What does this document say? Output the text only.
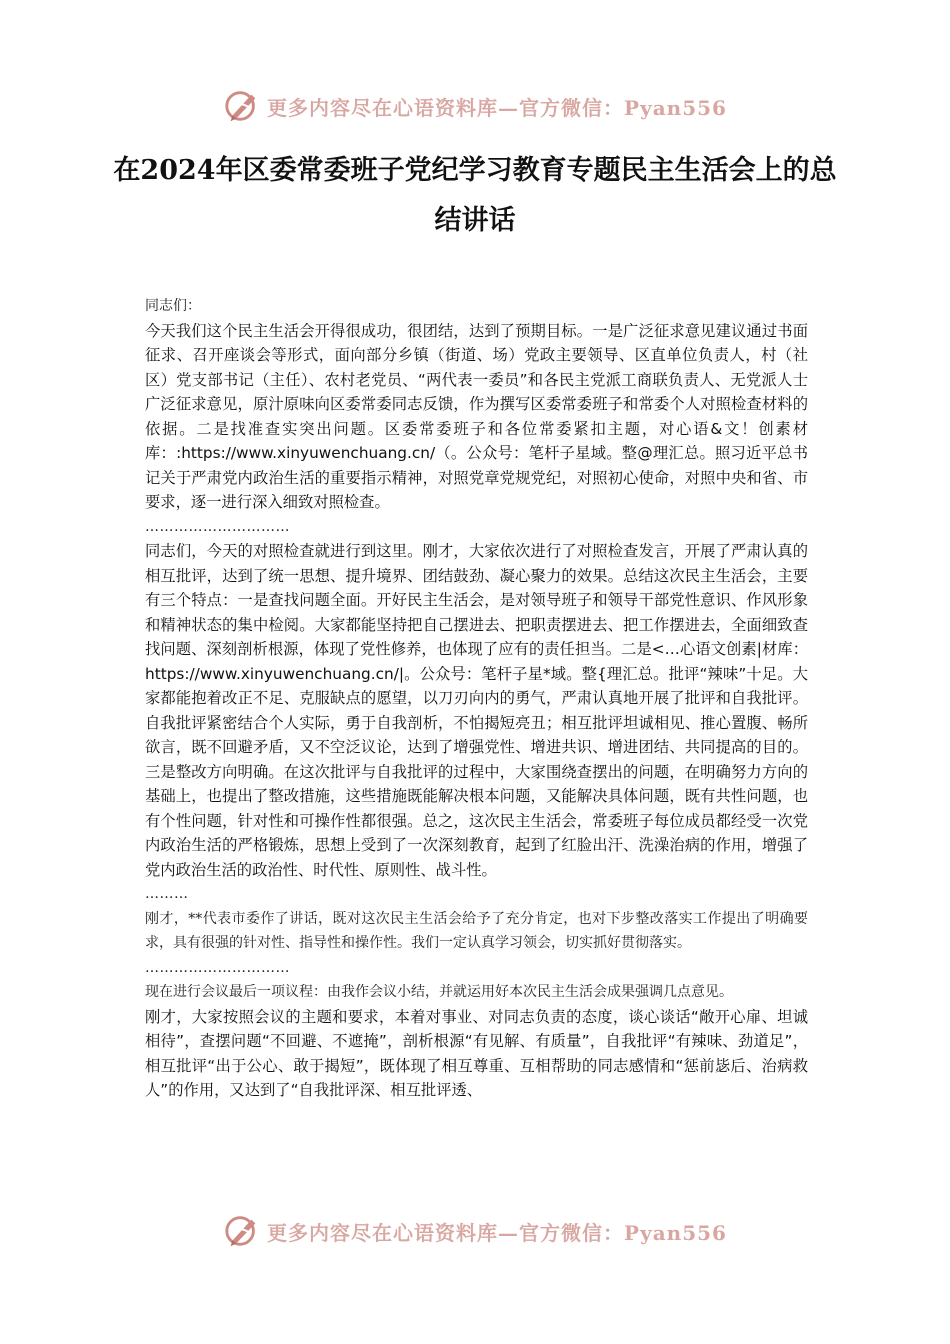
更多内容尽在心语资料库—官方微信：Pyan556
在2024年区委常委班子党纪学习教育专题民主生活会上的总结讲话

同志们：

今天我们这个民主生活会开得很成功，很团结，达到了预期目标。一是广泛征求意见建议通过书面征求、召开座谈会等形式，面向部分乡镇（街道、场）党政主要领导、区直单位负责人，村（社区）党支部书记（主任）、农村老党员、“两代表一委员”和各民主党派工商联负责人、无党派人士广泛征求意见，原汁原味向区委常委同志反馈，作为撰写区委常委班子和常委个人对照检查材料的依据。二是找准查实突出问题。区委常委班子和各位常委紧扣主题，对心语&文！创素材库：:https://www.xinyuwenchuang.cn/（。公众号：笔杆子星域。整@理汇总。照习近平总书记关于严肃党内政治生活的重要指示精神，对照党章党规党纪，对照初心使命，对照中央和省、市要求，逐一进行深入细致对照检查。

…………………………

同志们，今天的对照检查就进行到这里。刚才，大家依次进行了对照检查发言，开展了严肃认真的相互批评，达到了统一思想、提升境界、团结鼓劲、凝心聚力的效果。总结这次民主生活会，主要有三个特点：一是查找问题全面。开好民主生活会，是对领导班子和领导干部党性意识、作风形象和精神状态的集中检阅。大家都能坚持把自己摆进去、把职责摆进去、把工作摆进去，全面细致查找问题、深刻剖析根源，体现了党性修养，也体现了应有的责任担当。二是<…心语文创素|材库：https://www.xinyuwenchuang.cn/|。公众号：笔杆子星*域。整{理汇总。批评“辣味”十足。大家都能抱着改正不足、克服缺点的愿望，以刀刃向内的勇气，严肃认真地开展了批评和自我批评。自我批评紧密结合个人实际，勇于自我剖析，不怕揭短亮丑；相互批评坦诚相见、推心置腹、畅所欲言，既不回避矛盾，又不空泛议论，达到了增强党性、增进共识、增进团结、共同提高的目的。三是整改方向明确。在这次批评与自我批评的过程中，大家围绕查摆出的问题，在明确努力方向的基础上，也提出了整改措施，这些措施既能解决根本问题，又能解决具体问题，既有共性问题，也有个性问题，针对性和可操作性都很强。总之，这次民主生活会，常委班子每位成员都经受一次党内政治生活的严格锻炼，思想上受到了一次深刻教育，起到了红脸出汗、洗澡治病的作用，增强了党内政治生活的政治性、时代性、原则性、战斗性。

………

刚才，**代表市委作了讲话，既对这次民主生活会给予了充分肯定，也对下步整改落实工作提出了明确要求，具有很强的针对性、指导性和操作性。我们一定认真学习领会，切实抓好贯彻落实。

…………………………

现在进行会议最后一项议程：由我作会议小结，并就运用好本次民主生活会成果强调几点意见。

刚才，大家按照会议的主题和要求，本着对事业、对同志负责的态度，谈心谈话“敞开心扉、坦诚相待”，查摆问题“不回避、不遮掩”，剖析根源“有见解、有质量”，自我批评“有辣味、劲道足”，相互批评“出于公心、敢于揭短”，既体现了相互尊重、互相帮助的同志感情和“惩前毖后、治病救人”的作用，又达到了“自我批评深、相互批评透、

更多内容尽在心语资料库—官方微信：Pyan556
